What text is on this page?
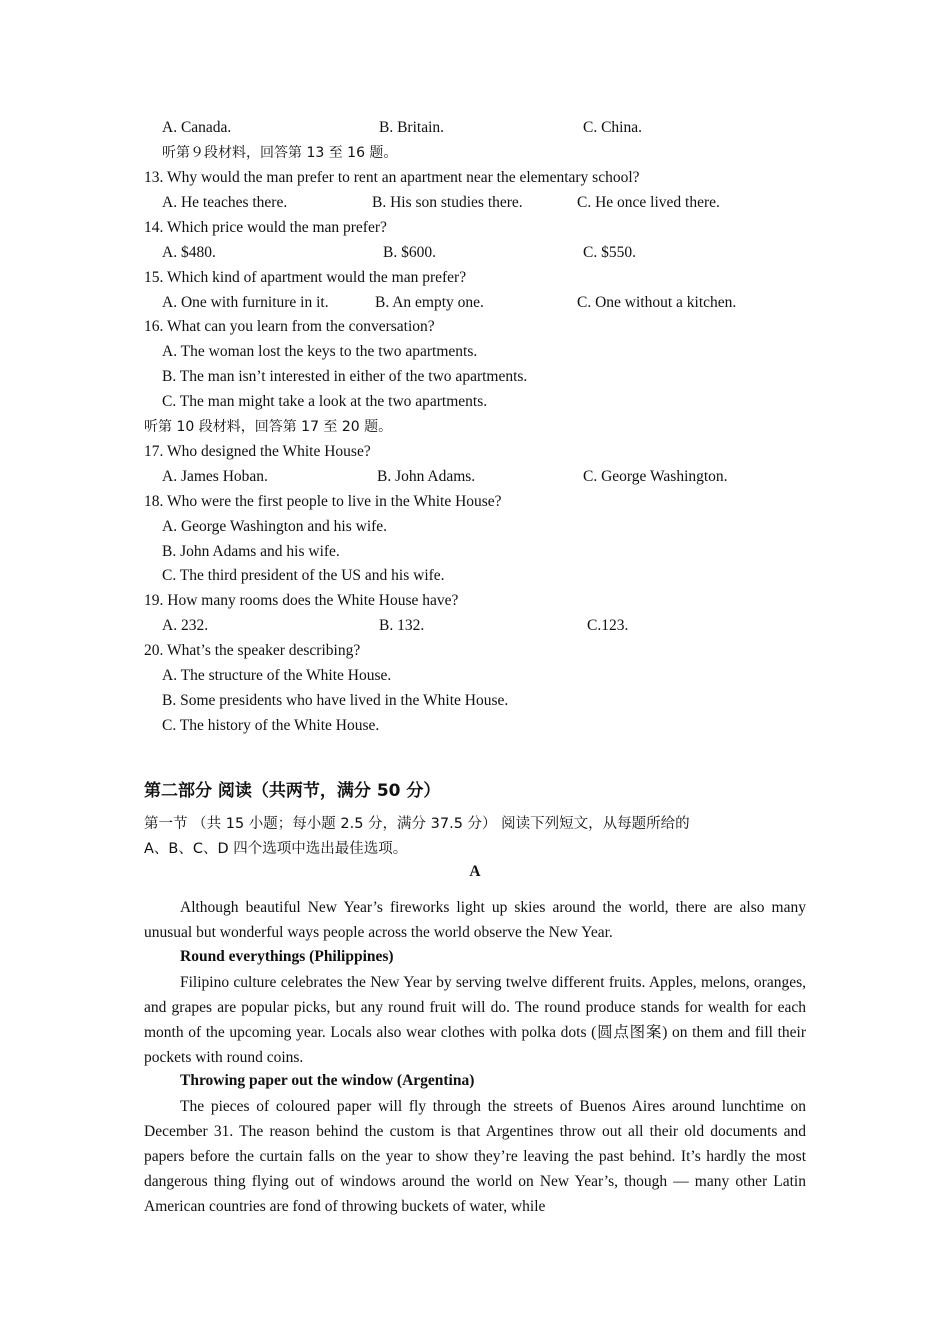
A. Canada.	B. Britain.	C. China.
听第９段材料，回答第 13 至 16 题。
13. Why would the man prefer to rent an apartment near the elementary school?
A. He teaches there.	B. His son studies there.	C. He once lived there.
14. Which price would the man prefer?
A. $480.	B. $600.	C. $550.
15. Which kind of apartment would the man prefer?
A. One with furniture in it.	B. An empty one.	C. One without a kitchen.
16. What can you learn from the conversation?
A. The woman lost the keys to the two apartments.
B. The man isn’t interested in either of the two apartments.
C. The man might take a look at the two apartments.
听第 10 段材料，回答第 17 至 20 题。
17. Who designed the White House?
A. James Hoban.	B. John Adams.	C. George Washington.
18. Who were the first people to live in the White House?
A. George Washington and his wife.
B. John Adams and his wife.
C. The third president of the US and his wife.
19. How many rooms does the White House have?
A. 232.	B. 132.	C.123.
20. What’s the speaker describing?
A. The structure of the White House.
B. Some presidents who have lived in the White House.
C. The history of the White House.
第二部分 阅读（共两节，满分 50 分）
第一节 （共 15 小题；每小题 2.5 分，满分 37.5 分） 阅读下列短文，从每题所给的
A、B、C、D 四个选项中选出最佳选项。
A

Although beautiful New Year’s fireworks light up skies around the world, there are also many unusual but wonderful ways people across the world observe the New Year.

Round everythings (Philippines)

Filipino culture celebrates the New Year by serving twelve different fruits. Apples, melons, oranges, and grapes are popular picks, but any round fruit will do. The round produce stands for wealth for each month of the upcoming year. Locals also wear clothes with polka dots (圆点图案) on them and fill their pockets with round coins.

Throwing paper out the window (Argentina)

The pieces of coloured paper will fly through the streets of Buenos Aires around lunchtime on December 31. The reason behind the custom is that Argentines throw out all their old documents and papers before the curtain falls on the year to show they’re leaving the past behind. It’s hardly the most dangerous thing flying out of windows around the world on New Year’s, though — many other Latin American countries are fond of throwing buckets of water, while
